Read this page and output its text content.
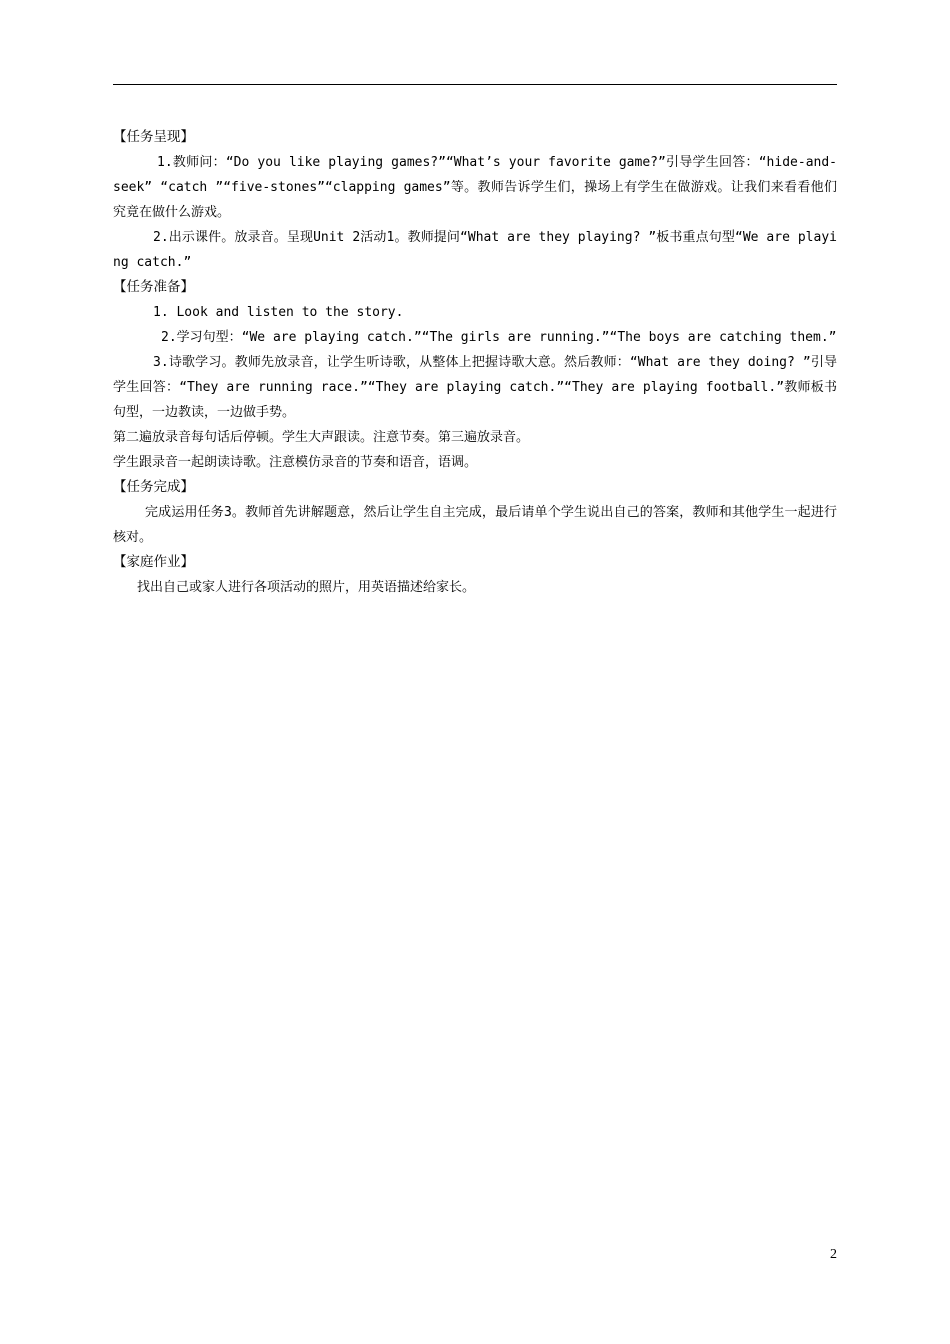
【任务呈现】

1.教师问：“Do you like playing games?”“What’s your favorite game?”引导学生回答：“hide-and-seek” “catch ”“five-stones”“clapping games”等。教师告诉学生们，操场上有学生在做游戏。让我们来看看他们究竟在做什么游戏。

2.出示课件。放录音。呈现Unit 2活动1。教师提问“What are they playing? ”板书重点句型“We are playing catch.”

【任务准备】

1. Look and listen to the story.

2.学习句型：“We are playing catch.”“The girls are running.”“The boys are catching them.”

3.诗歌学习。教师先放录音，让学生听诗歌，从整体上把握诗歌大意。然后教师：“What are they doing? ”引导学生回答：“They are running race.”“They are playing catch.”“They are playing football.”教师板书句型，一边教读，一边做手势。

第二遍放录音每句话后停顿。学生大声跟读。注意节奏。第三遍放录音。

学生跟录音一起朗读诗歌。注意模仿录音的节奏和语音，语调。

【任务完成】

完成运用任务3。教师首先讲解题意，然后让学生自主完成，最后请单个学生说出自己的答案，教师和其他学生一起进行核对。

【家庭作业】

找出自己或家人进行各项活动的照片，用英语描述给家长。

2
